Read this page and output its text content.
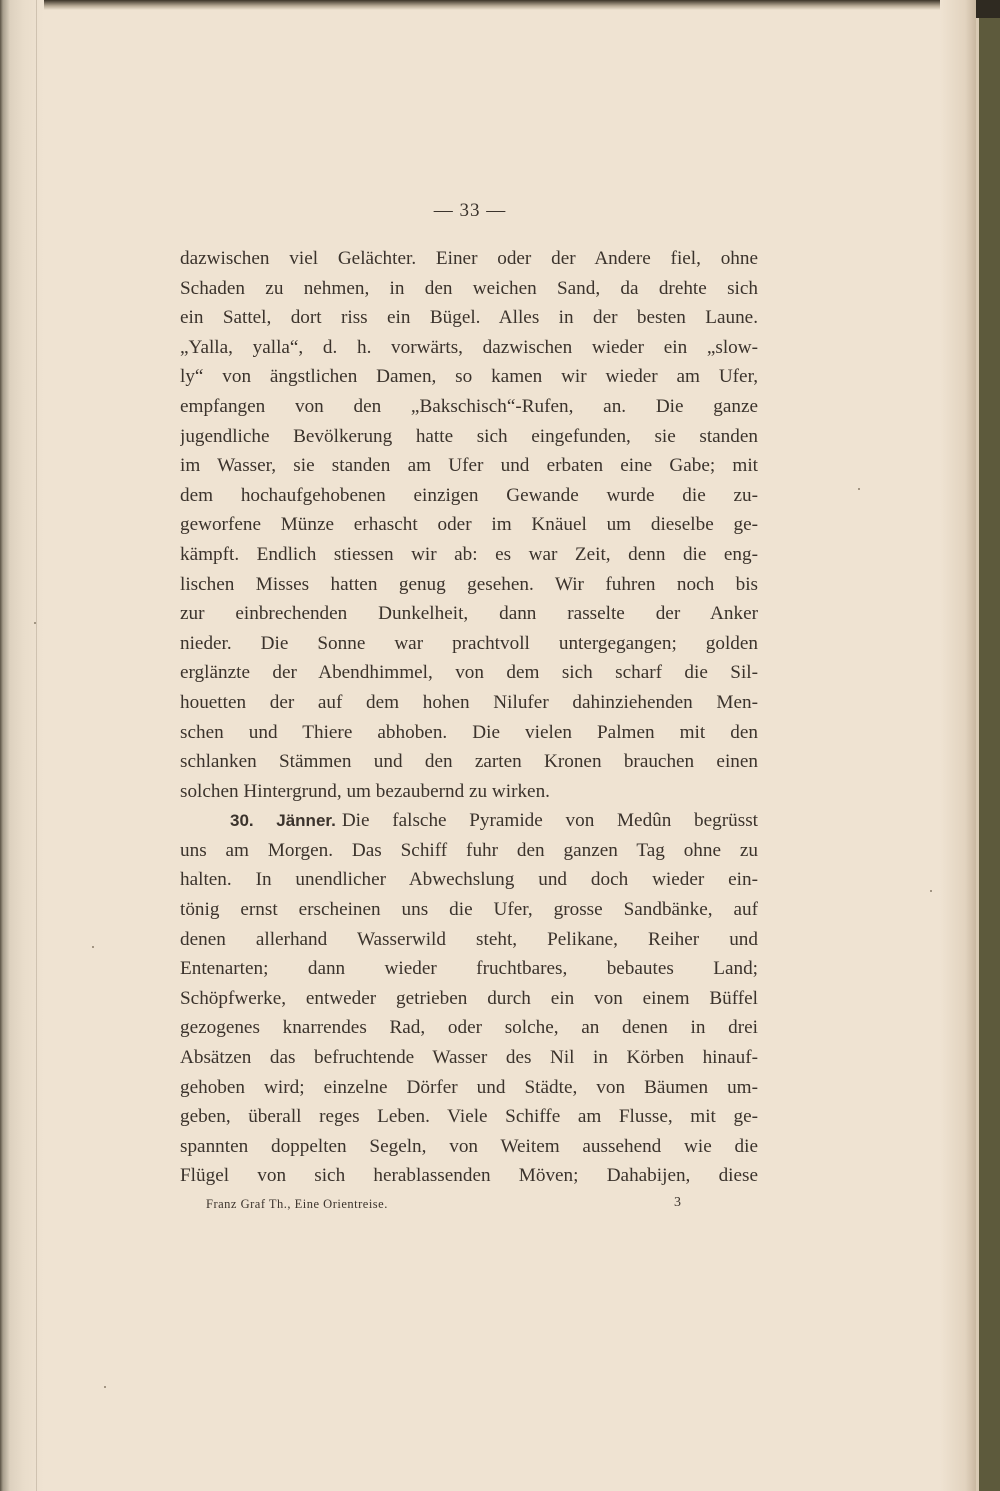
— 33 —
dazwischen viel Gelächter. Einer oder der Andere fiel, ohne
Schaden zu nehmen, in den weichen Sand, da drehte sich
ein Sattel, dort riss ein Bügel. Alles in der besten Laune.
„Yalla, yalla“, d. h. vorwärts, dazwischen wieder ein „slow-
ly“ von ängstlichen Damen, so kamen wir wieder am Ufer,
empfangen von den „Bakschisch“-Rufen, an. Die ganze
jugendliche Bevölkerung hatte sich eingefunden, sie standen
im Wasser, sie standen am Ufer und erbaten eine Gabe; mit
dem hochaufgehobenen einzigen Gewande wurde die zu-
geworfene Münze erhascht oder im Knäuel um dieselbe ge-
kämpft. Endlich stiessen wir ab: es war Zeit, denn die eng-
lischen Misses hatten genug gesehen. Wir fuhren noch bis
zur einbrechenden Dunkelheit, dann rasselte der Anker
nieder. Die Sonne war prachtvoll untergegangen; golden
erglänzte der Abendhimmel, von dem sich scharf die Sil-
houetten der auf dem hohen Nilufer dahinziehenden Men-
schen und Thiere abhoben. Die vielen Palmen mit den
schlanken Stämmen und den zarten Kronen brauchen einen
solchen Hintergrund, um bezaubernd zu wirken.
30. Jänner. Die falsche Pyramide von Medûn begrüsst
uns am Morgen. Das Schiff fuhr den ganzen Tag ohne zu
halten. In unendlicher Abwechslung und doch wieder ein-
tönig ernst erscheinen uns die Ufer, grosse Sandbänke, auf
denen allerhand Wasserwild steht, Pelikane, Reiher und
Entenarten; dann wieder fruchtbares, bebautes Land;
Schöpfwerke, entweder getrieben durch ein von einem Büffel
gezogenes knarrendes Rad, oder solche, an denen in drei
Absätzen das befruchtende Wasser des Nil in Körben hinauf-
gehoben wird; einzelne Dörfer und Städte, von Bäumen um-
geben, überall reges Leben. Viele Schiffe am Flusse, mit ge-
spannten doppelten Segeln, von Weitem aussehend wie die
Flügel von sich herablassenden Möven; Dahabijen, diese
Franz Graf Th., Eine Orientreise.	3
